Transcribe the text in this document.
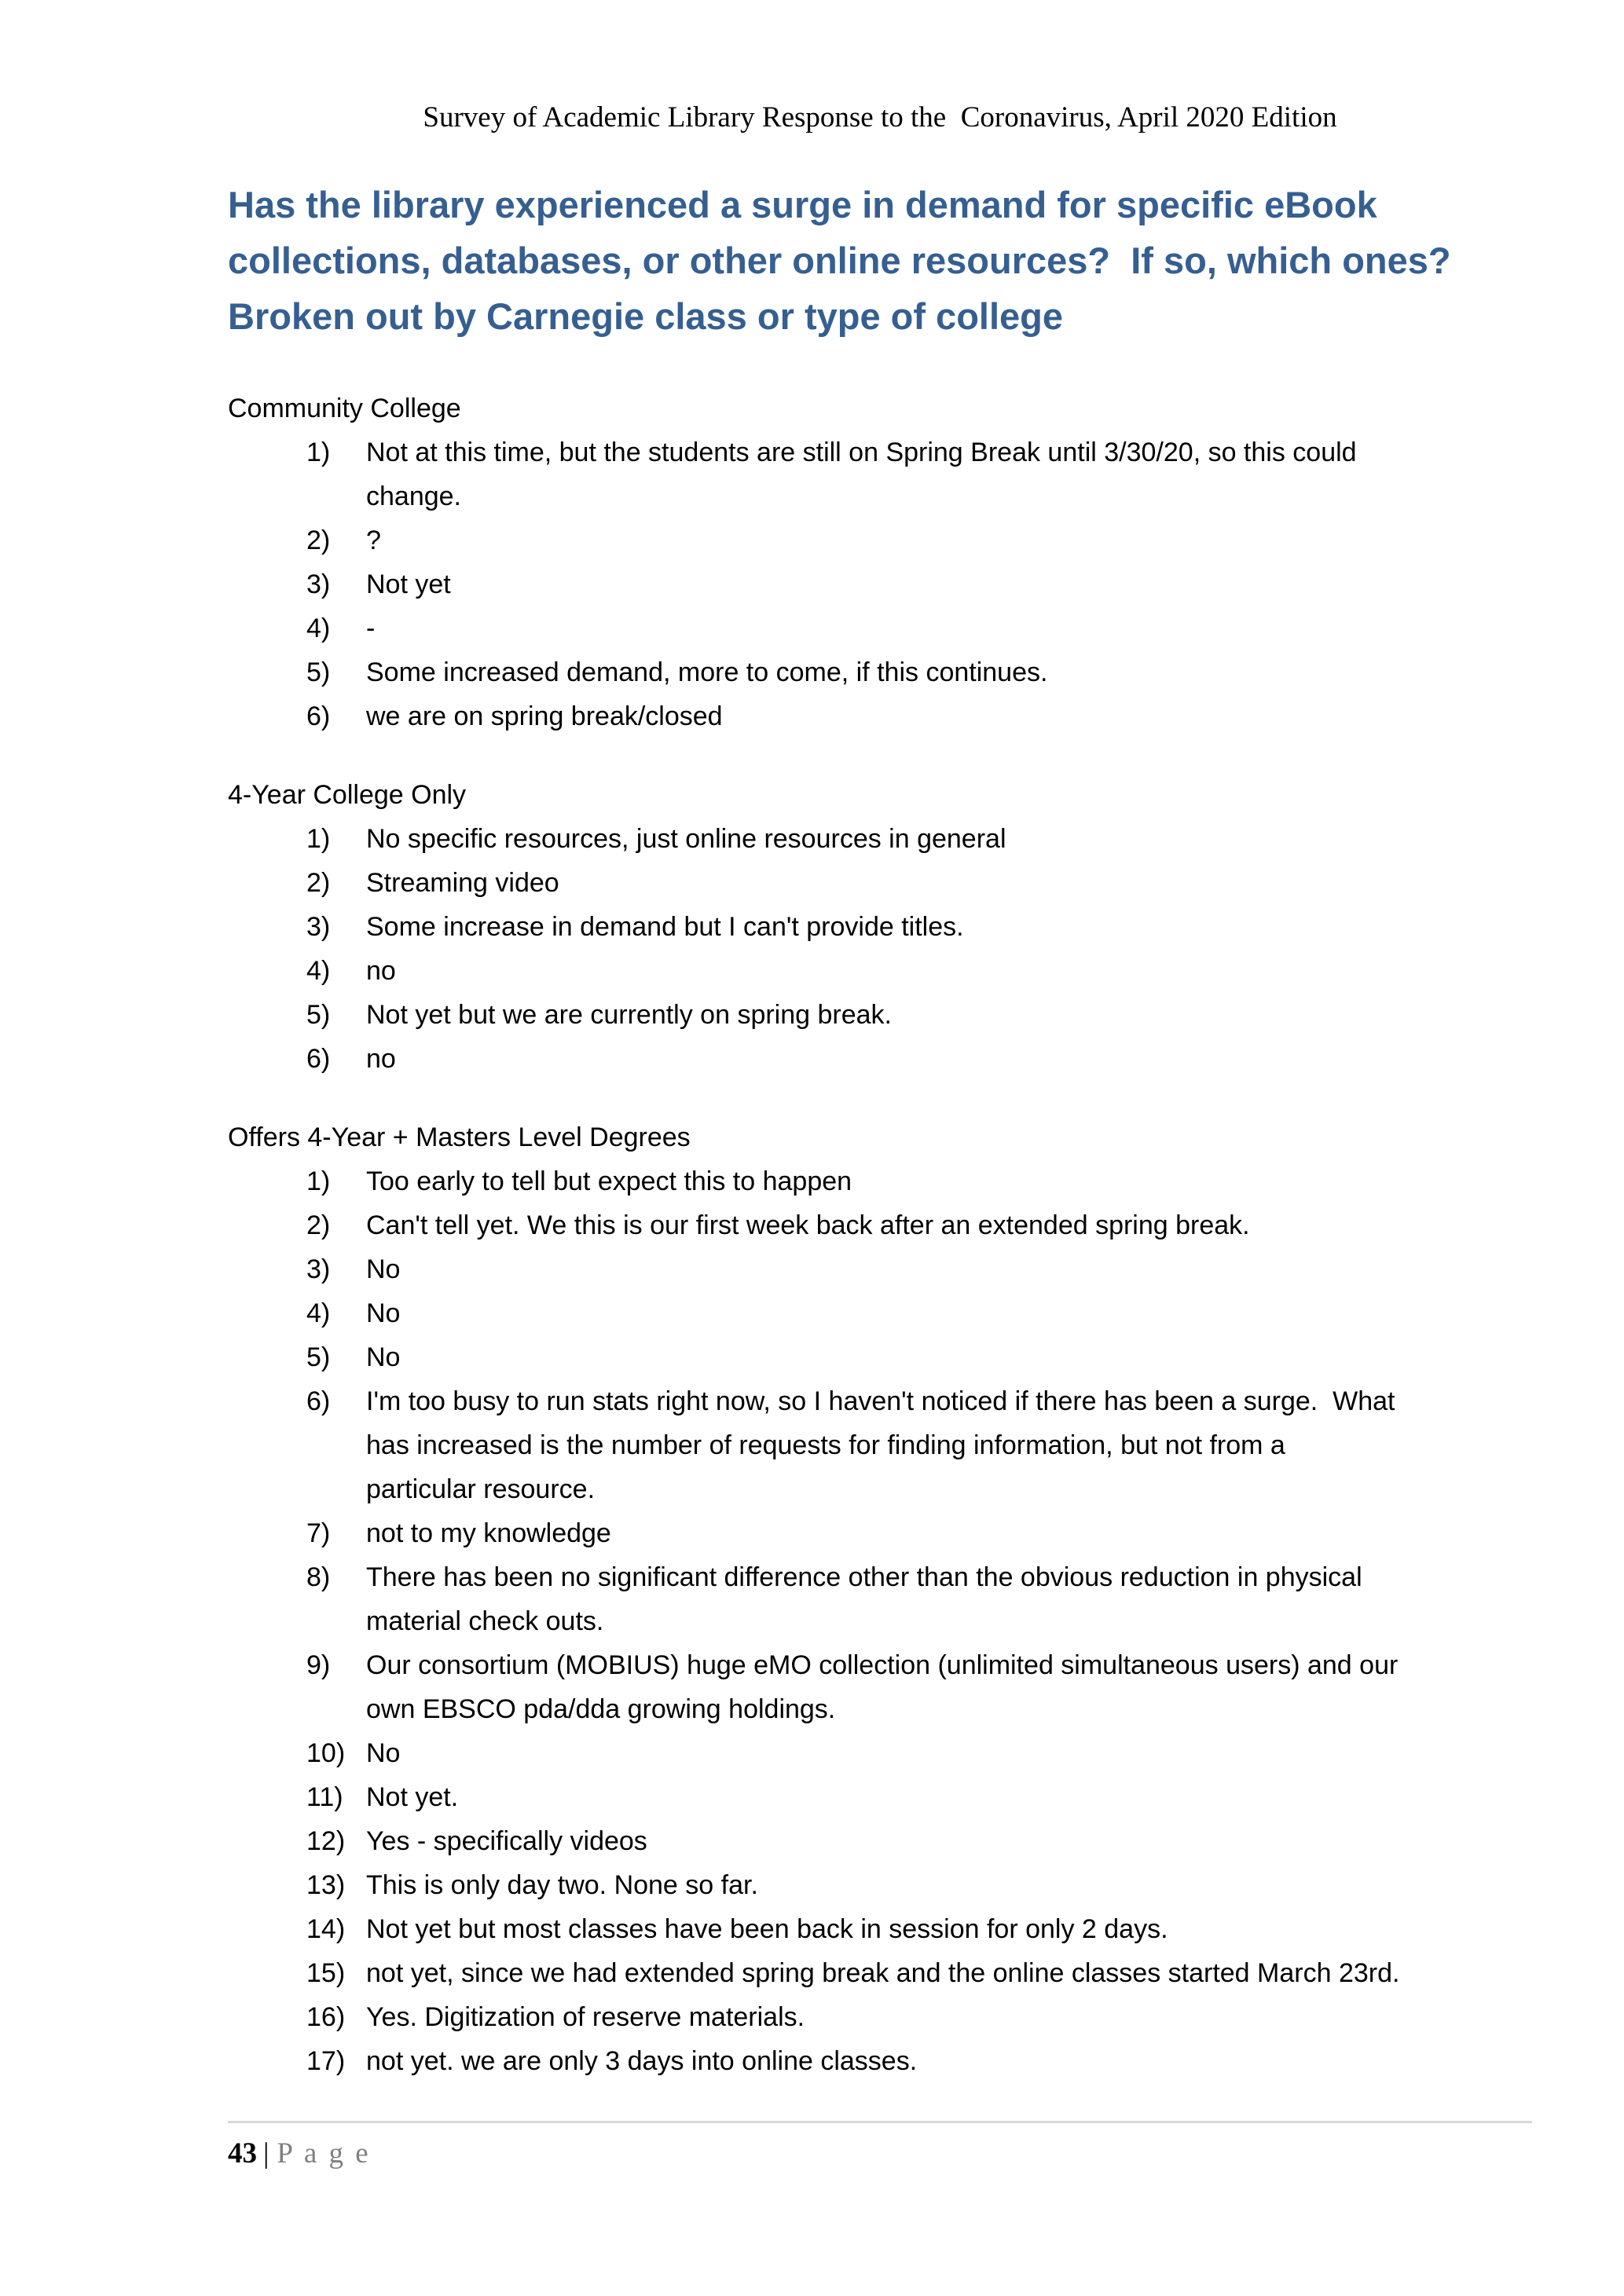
Survey of Academic Library Response to the  Coronavirus, April 2020 Edition
Has the library experienced a surge in demand for specific eBook
collections, databases, or other online resources?  If so, which ones?
Broken out by Carnegie class or type of college
Community College
1)	Not at this time, but the students are still on Spring Break until 3/30/20, so this could
change.
2)	?
3)	Not yet
4)	-
5)	Some increased demand, more to come, if this continues.
6)	we are on spring break/closed
4-Year College Only
1)	No specific resources, just online resources in general
2)	Streaming video
3)	Some increase in demand but I can't provide titles.
4)	no
5)	Not yet but we are currently on spring break.
6)	no
Offers 4-Year + Masters Level Degrees
1)	Too early to tell but expect this to happen
2)	Can't tell yet. We this is our first week back after an extended spring break.
3)	No
4)	No
5)	No
6)	I'm too busy to run stats right now, so I haven't noticed if there has been a surge.  What
has increased is the number of requests for finding information, but not from a
particular resource.
7)	not to my knowledge
8)	There has been no significant difference other than the obvious reduction in physical
material check outs.
9)	Our consortium (MOBIUS) huge eMO collection (unlimited simultaneous users) and our
own EBSCO pda/dda growing holdings.
10) No
11) Not yet.
12) Yes - specifically videos
13) This is only day two. None so far.
14) Not yet but most classes have been back in session for only 2 days.
15) not yet, since we had extended spring break and the online classes started March 23rd.
16) Yes. Digitization of reserve materials.
17) not yet. we are only 3 days into online classes.
43 | P a g e
